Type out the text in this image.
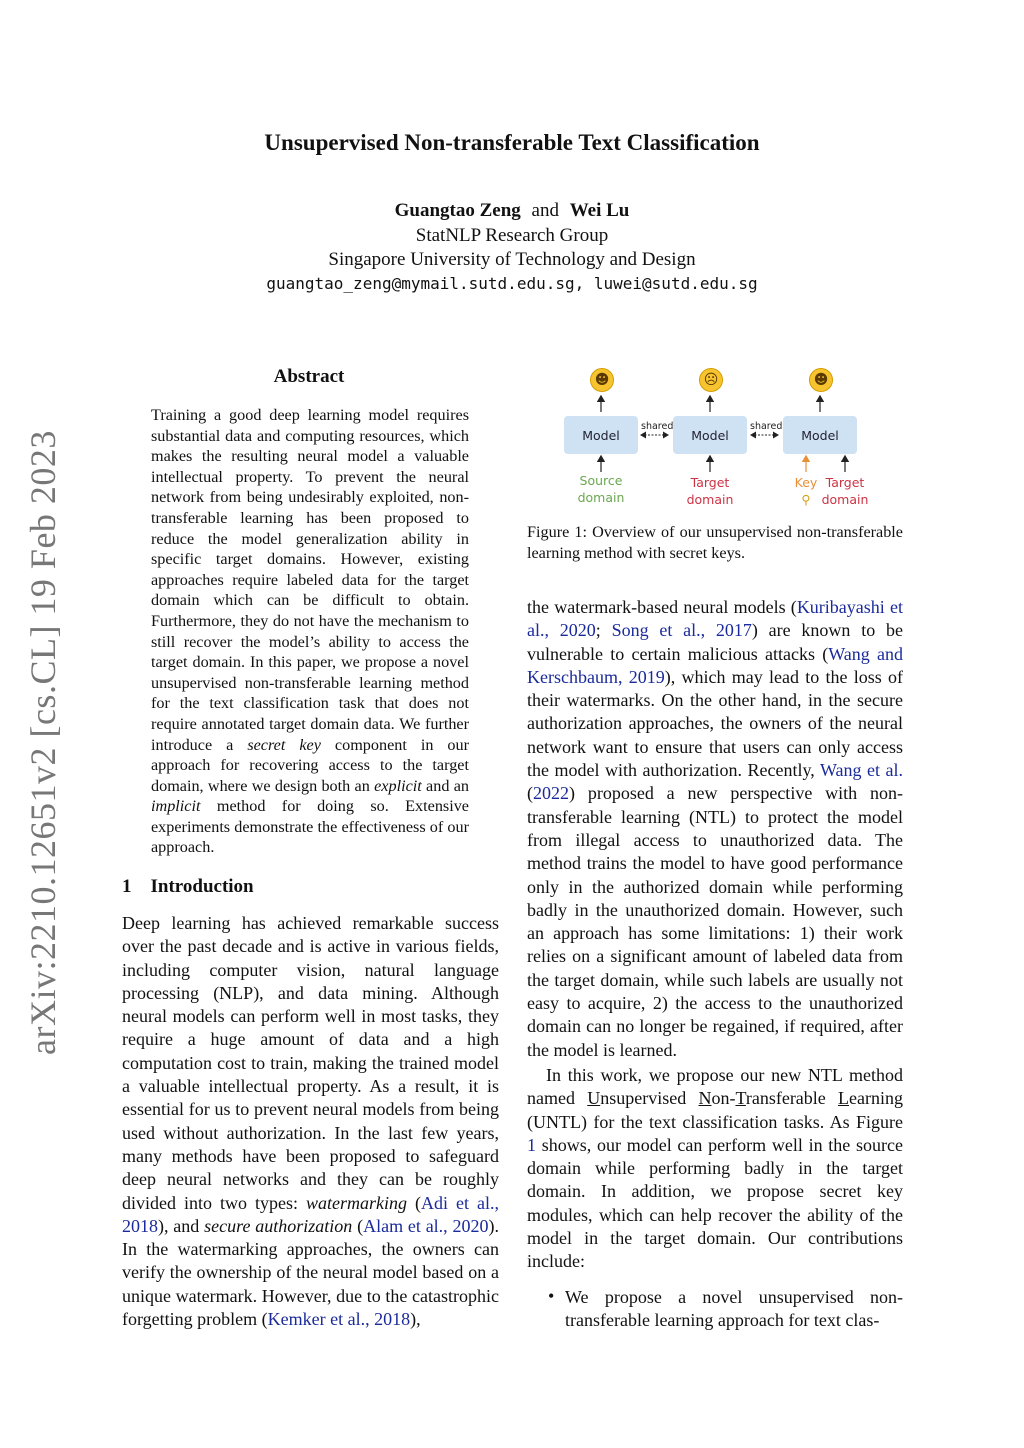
Unsupervised Non-transferable Text Classification
Guangtao Zeng and Wei Lu
StatNLP Research Group
Singapore University of Technology and Design
guangtao_zeng@mymail.sutd.edu.sg, luwei@sutd.edu.sg
arXiv:2210.12651v2 [cs.CL] 19 Feb 2023
Abstract
Training a good deep learning model requires substantial data and computing resources, which makes the resulting neural model a valuable intellectual property. To prevent the neural network from being undesirably exploited, non-transferable learning has been proposed to reduce the model generalization ability in specific target domains. However, existing approaches require labeled data for the target domain which can be difficult to obtain. Furthermore, they do not have the mechanism to still recover the model’s ability to access the target domain. In this paper, we propose a novel unsupervised non-transferable learning method for the text classification task that does not require annotated target domain data. We further introduce a secret key component in our approach for recovering access to the target domain, where we design both an explicit and an implicit method for doing so. Extensive experiments demonstrate the effectiveness of our approach.
☻	☹	☻
Model	Model	Model
shared	shared
Source domain
Target domain
Key
⚲
Target domain
Figure 1: Overview of our unsupervised non-transferable learning method with secret keys.
1    Introduction
Deep learning has achieved remarkable success over the past decade and is active in various fields, including computer vision, natural language processing (NLP), and data mining. Although neural models can perform well in most tasks, they require a huge amount of data and a high computation cost to train, making the trained model a valuable intellectual property. As a result, it is essential for us to prevent neural models from being used without authorization. In the last few years, many methods have been proposed to safeguard deep neural networks and they can be roughly divided into two types: watermarking (Adi et al., 2018), and secure authorization (Alam et al., 2020). In the watermarking approaches, the owners can verify the ownership of the neural model based on a unique watermark. However, due to the catastrophic forgetting problem (Kemker et al., 2018),
the watermark-based neural models (Kuribayashi et al., 2020; Song et al., 2017) are known to be vulnerable to certain malicious attacks (Wang and Kerschbaum, 2019), which may lead to the loss of their watermarks. On the other hand, in the secure authorization approaches, the owners of the neural network want to ensure that users can only access the model with authorization. Recently, Wang et al. (2022) proposed a new perspective with non-transferable learning (NTL) to protect the model from illegal access to unauthorized data. The method trains the model to have good performance only in the authorized domain while performing badly in the unauthorized domain. However, such an approach has some limitations: 1) their work relies on a significant amount of labeled data from the target domain, while such labels are usually not easy to acquire, 2) the access to the unauthorized domain can no longer be regained, if required, after the model is learned.
In this work, we propose our new NTL method named Unsupervised Non-Transferable Learning (UNTL) for the text classification tasks. As Figure 1 shows, our model can perform well in the source domain while performing badly in the target domain. In addition, we propose secret key modules, which can help recover the ability of the model in the target domain. Our contributions include:
• We propose a novel unsupervised non-transferable learning approach for text clas-
